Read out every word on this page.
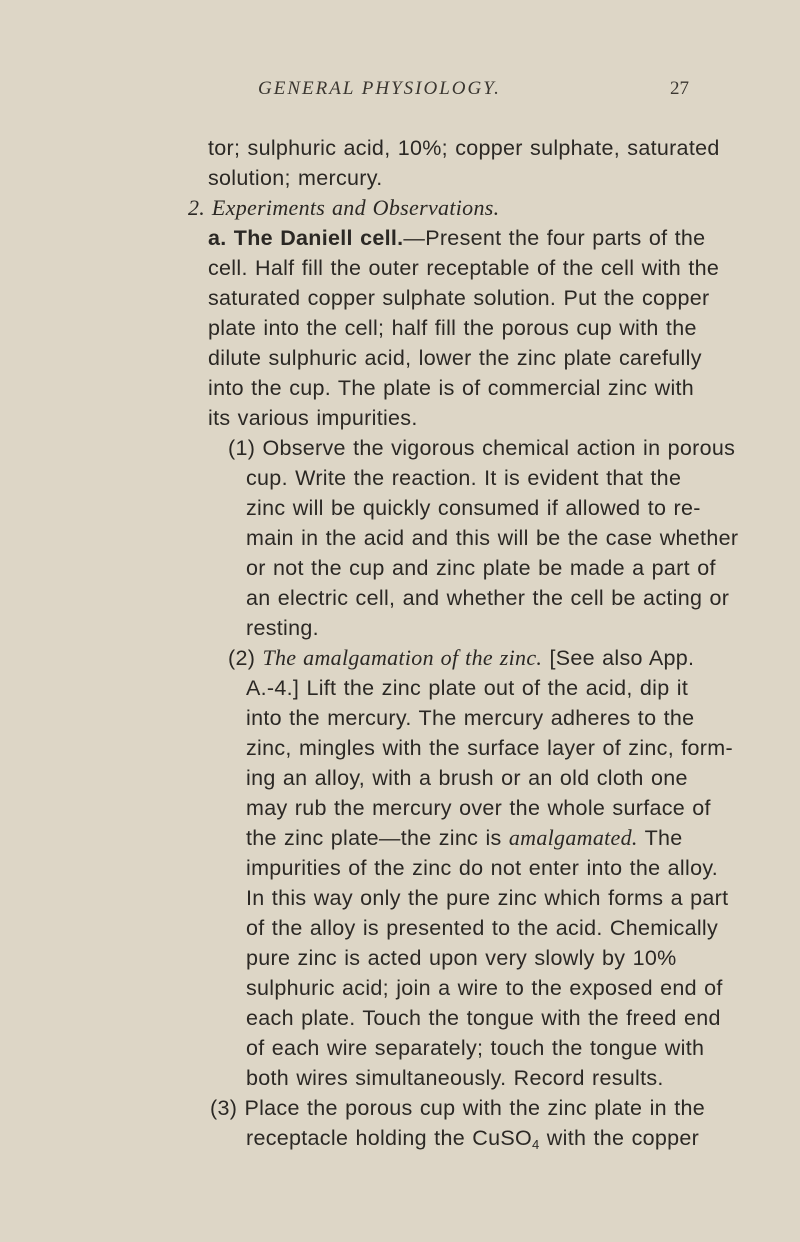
GENERAL PHYSIOLOGY.	27
tor; sulphuric acid, 10%; copper sulphate, saturated
solution; mercury.
2. Experiments and Observations.
a. The Daniell cell.—Present the four parts of the
cell. Half fill the outer receptable of the cell with the
saturated copper sulphate solution. Put the copper
plate into the cell; half fill the porous cup with the
dilute sulphuric acid, lower the zinc plate carefully
into the cup. The plate is of commercial zinc with
its various impurities.
(1) Observe the vigorous chemical action in porous
cup. Write the reaction. It is evident that the
zinc will be quickly consumed if allowed to re-
main in the acid and this will be the case whether
or not the cup and zinc plate be made a part of
an electric cell, and whether the cell be acting or
resting.
(2) The amalgamation of the zinc. [See also App.
A.-4.] Lift the zinc plate out of the acid, dip it
into the mercury. The mercury adheres to the
zinc, mingles with the surface layer of zinc, form-
ing an alloy, with a brush or an old cloth one
may rub the mercury over the whole surface of
the zinc plate—the zinc is amalgamated. The
impurities of the zinc do not enter into the alloy.
In this way only the pure zinc which forms a part
of the alloy is presented to the acid. Chemically
pure zinc is acted upon very slowly by 10%
sulphuric acid; join a wire to the exposed end of
each plate. Touch the tongue with the freed end
of each wire separately; touch the tongue with
both wires simultaneously. Record results.
(3) Place the porous cup with the zinc plate in the
receptacle holding the CuSO$_4$ with the copper
